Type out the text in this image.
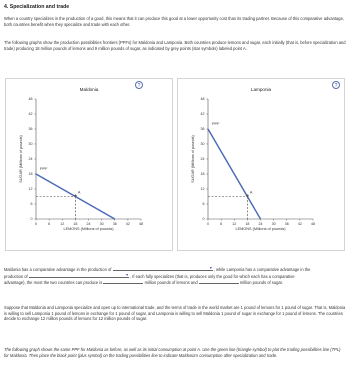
4. Specialization and trade
When a country specializes in the production of a good, this means that it can produce this good at a lower opportunity cost than its trading partner. Because of this comparative advantage, both countries benefit when they specialize and trade with each other.
The following graphs show the production possibilities frontiers (PPFs) for Maldonia and Lamponia. Both countries produce lemons and sugar, each initially (that is, before specialization and trade) producing 18 million pounds of lemons and 9 million pounds of sugar, as indicated by grey points (star symbols) labeled point A.
Maldonia
0	6	12	18	24	30	36	42	48
0
6
12
18
24
30
36
42
48
LEMONS (Millions of pounds)
SUGAR (Millions of pounds)	PPF
✦
A
?
Lamponia
0	6	12	18	24	30	36	42	48
0
6
12
18
24
30
36
42
48
LEMONS (Millions of pounds)
SUGAR (Millions of pounds)
PPF
✦
A
?
Maldonia has a comparative advantage in the production of	▼ , while Lamponia has a comparative advantage in the
production of	▼ . If each fully specializes (that is, produces only the good for which each has a comparative
advantage), the most the two countries can produce is	million pounds of lemons and	million pounds of sugar.
Suppose that Maldonia and Lamponia specialize and open up to international trade, and the terms of trade in the world market are 1 pound of lemons for 1 pound of sugar. That is, Maldonia is willing to sell Lamponia 1 pound of lemons in exchange for 1 pound of sugar, and Lamponia is willing to sell Maldonia 1 pound of sugar in exchange for 1 pound of lemons. The countries decide to exchange 12 million pounds of lemons for 12 million pounds of sugar.
The following graph shows the same PPF for Maldonia as before, as well as its initial consumption at point A. Use the green line (triangle symbol) to plot the trading possibilities line (TPL) for Maldonia. Then place the black point (plus symbol) on the trading possibilities line to indicate Maldonia's consumption after specialization and trade.
